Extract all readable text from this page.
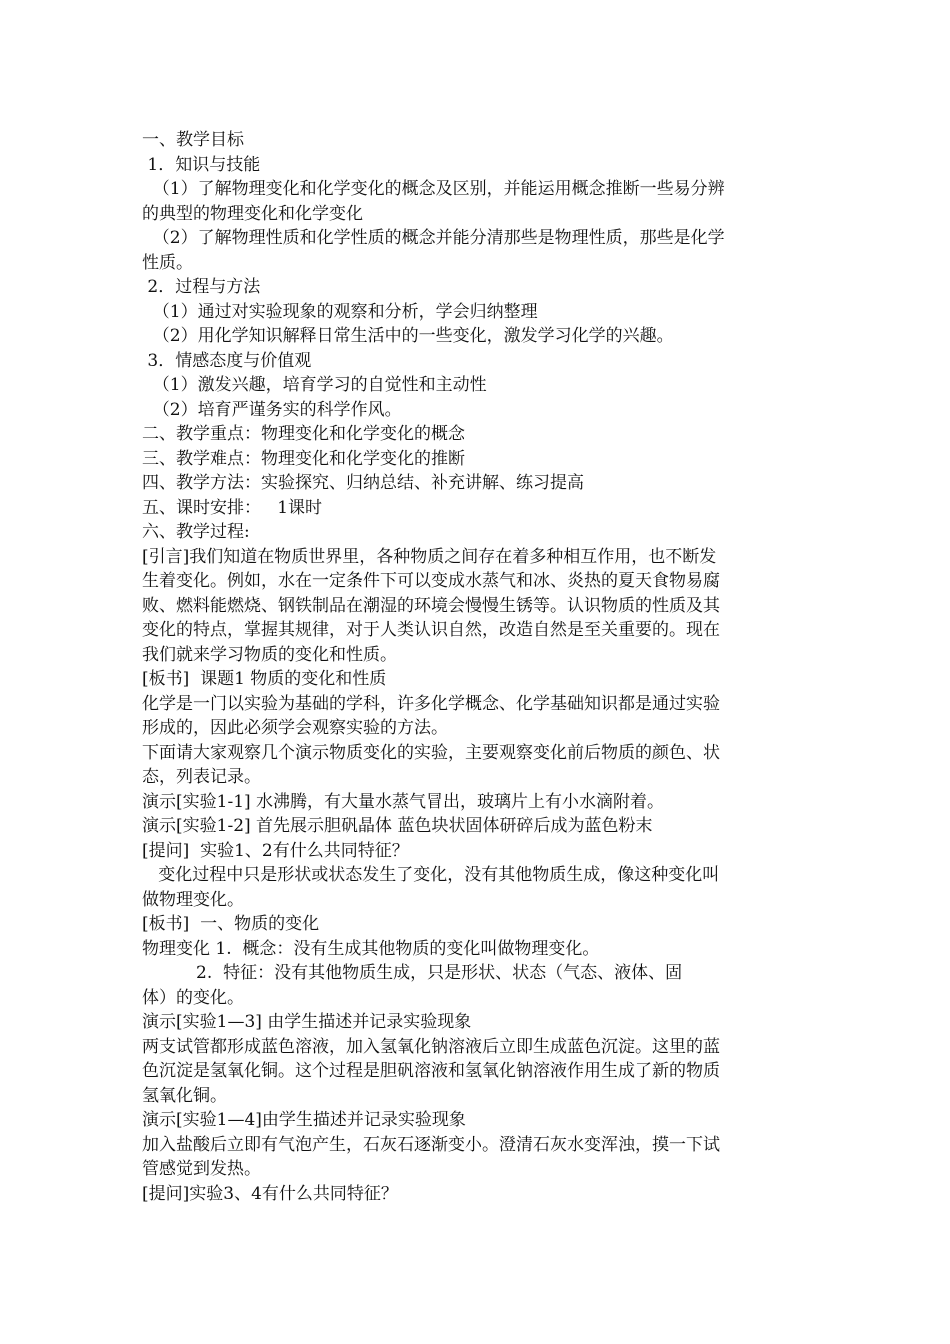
一、教学目标
1．知识与技能
（1）了解物理变化和化学变化的概念及区别，并能运用概念推断一些易分辨
的典型的物理变化和化学变化
（2）了解物理性质和化学性质的概念并能分清那些是物理性质，那些是化学
性质。
2．过程与方法
（1）通过对实验现象的观察和分析，学会归纳整理
（2）用化学知识解释日常生活中的一些变化，激发学习化学的兴趣。
3．情感态度与价值观
（1）激发兴趣，培育学习的自觉性和主动性
（2）培育严谨务实的科学作风。
二、教学重点：物理变化和化学变化的概念
三、教学难点：物理变化和化学变化的推断
四、教学方法：实验探究、归纳总结、补充讲解、练习提高
五、课时安排：   1课时
六、教学过程:
[引言]我们知道在物质世界里，各种物质之间存在着多种相互作用，也不断发
生着变化。例如，水在一定条件下可以变成水蒸气和冰、炎热的夏天食物易腐
败、燃料能燃烧、钢铁制品在潮湿的环境会慢慢生锈等。认识物质的性质及其
变化的特点，掌握其规律，对于人类认识自然，改造自然是至关重要的。现在
我们就来学习物质的变化和性质。
[板书]  课题1 物质的变化和性质
化学是一门以实验为基础的学科，许多化学概念、化学基础知识都是通过实验
形成的，因此必须学会观察实验的方法。
下面请大家观察几个演示物质变化的实验，主要观察变化前后物质的颜色、状
态，列表记录。
演示[实验1-1] 水沸腾，有大量水蒸气冒出，玻璃片上有小水滴附着。
演示[实验1-2] 首先展示胆矾晶体 蓝色块状固体研碎后成为蓝色粉末
[提问]  实验1、2有什么共同特征？
变化过程中只是形状或状态发生了变化，没有其他物质生成，像这种变化叫
做物理变化。
[板书]  一、物质的变化
物理变化 1.  概念：没有生成其他物质的变化叫做物理变化。
2.  特征：没有其他物质生成，只是形状、状态（气态、液体、固
体）的变化。
演示[实验1—3] 由学生描述并记录实验现象
两支试管都形成蓝色溶液，加入氢氧化钠溶液后立即生成蓝色沉淀。这里的蓝
色沉淀是氢氧化铜。这个过程是胆矾溶液和氢氧化钠溶液作用生成了新的物质
氢氧化铜。
演示[实验1—4]由学生描述并记录实验现象
加入盐酸后立即有气泡产生，石灰石逐渐变小。澄清石灰水变浑浊，摸一下试
管感觉到发热。
[提问]实验3、4有什么共同特征？
